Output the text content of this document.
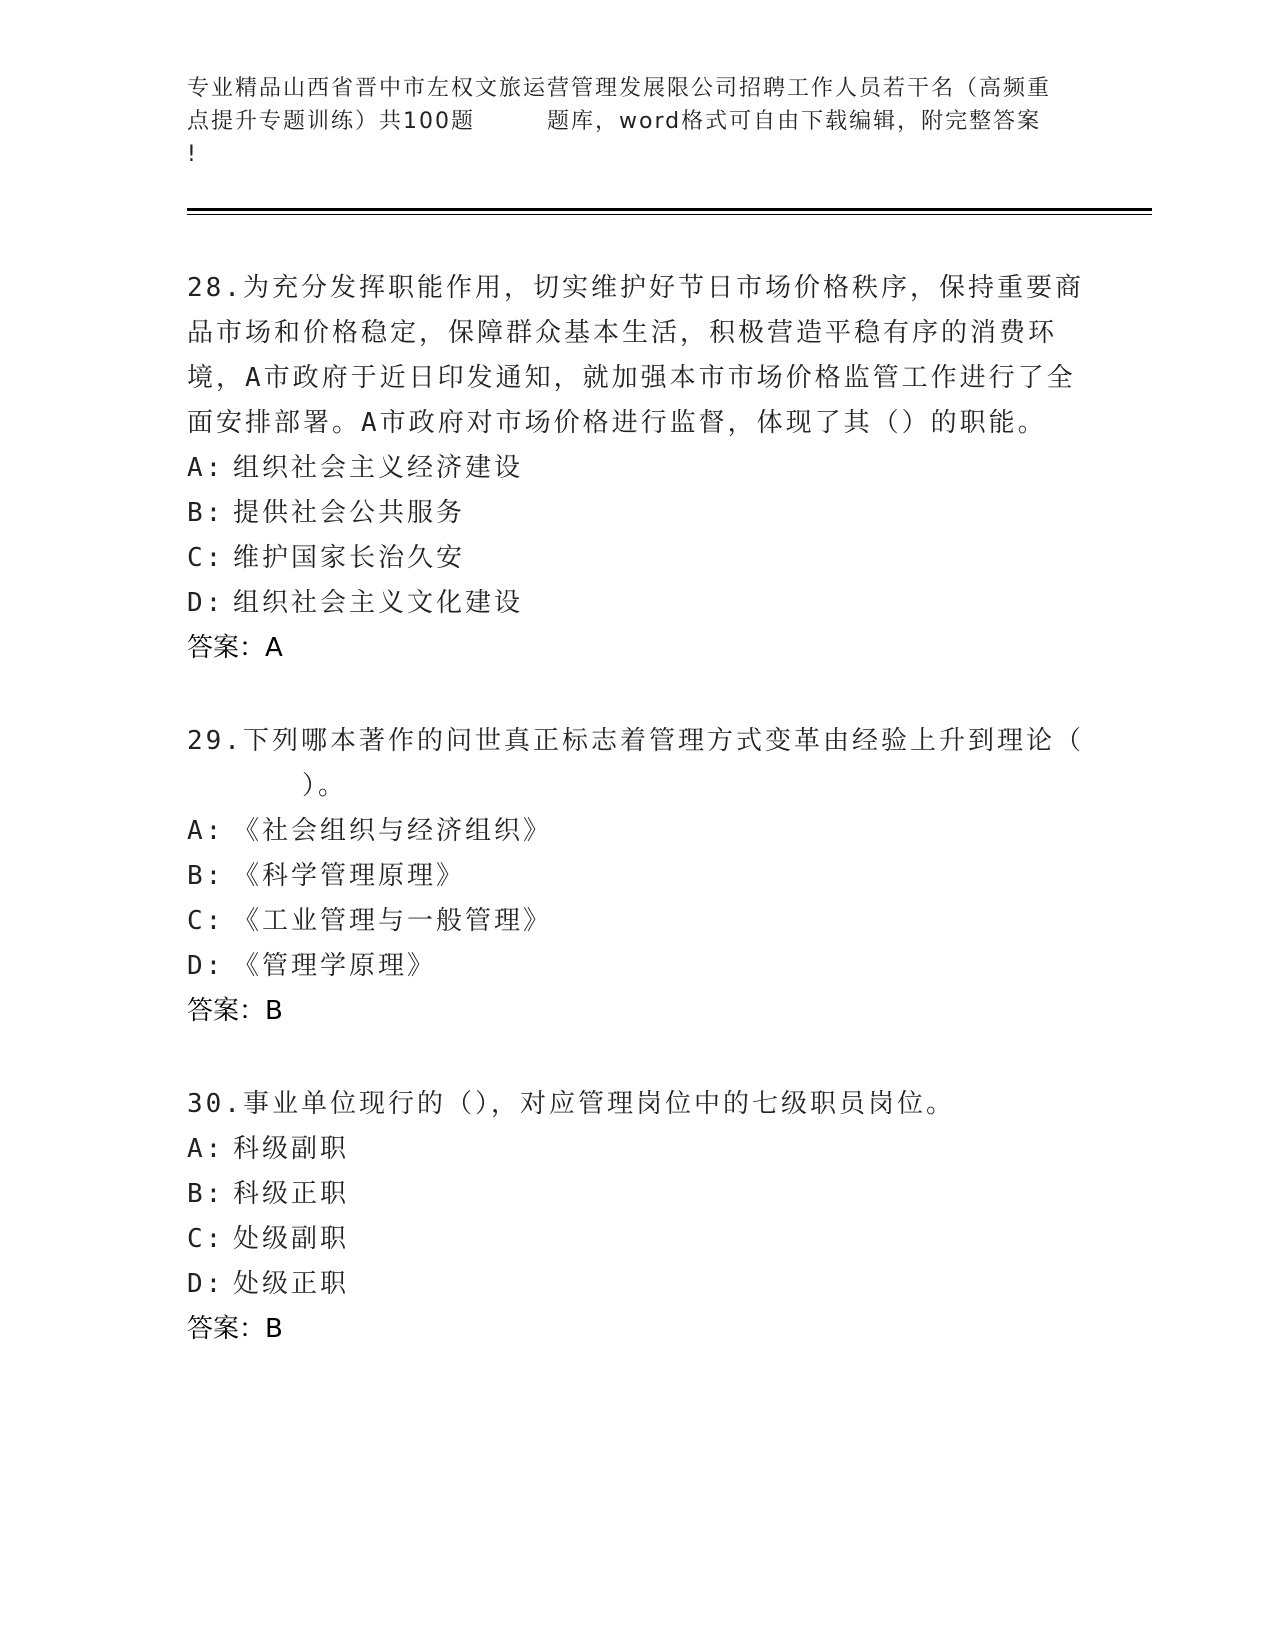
专业精品山西省晋中市左权文旅运营管理发展限公司招聘工作人员若干名（高频重
点提升专题训练）共100题　　　题库，word格式可自由下载编辑，附完整答案
!

28.为充分发挥职能作用，切实维护好节日市场价格秩序，保持重要商品市场和价格稳定，保障群众基本生活，积极营造平稳有序的消费环境，A市政府于近日印发通知，就加强本市市场价格监管工作进行了全面安排部署。A市政府对市场价格进行监督，体现了其（）的职能。

A: 组织社会主义经济建设

B: 提供社会公共服务

C: 维护国家长治久安

D: 组织社会主义文化建设

答案：A

29.下列哪本著作的问世真正标志着管理方式变革由经验上升到理论（

）。

A: 《社会组织与经济组织》

B: 《科学管理原理》

C: 《工业管理与一般管理》

D: 《管理学原理》

答案：B

30.事业单位现行的（），对应管理岗位中的七级职员岗位。

A: 科级副职

B: 科级正职

C: 处级副职

D: 处级正职

答案：B
